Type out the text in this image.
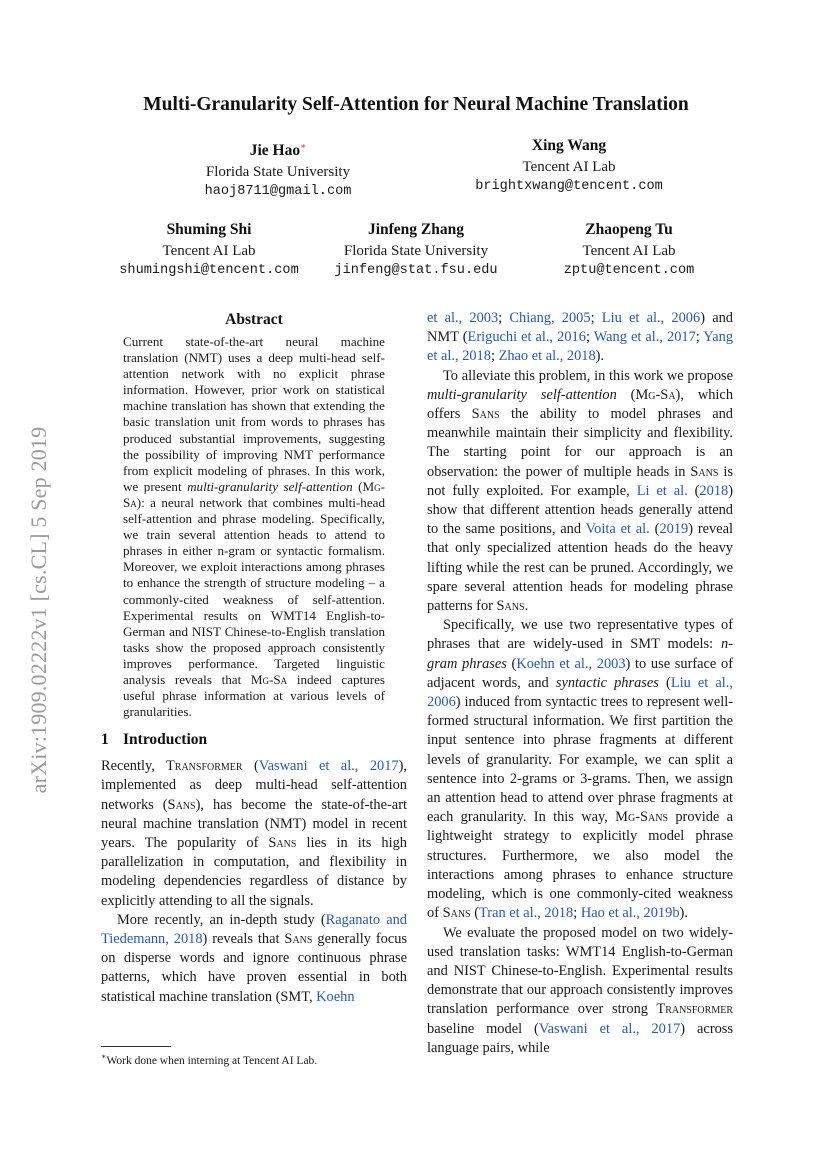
arXiv:1909.02222v1 [cs.CL] 5 Sep 2019
Multi-Granularity Self-Attention for Neural Machine Translation
Jie Hao∗
Florida State University
haoj8711@gmail.com
Xing Wang
Tencent AI Lab
brightxwang@tencent.com
Shuming Shi
Tencent AI Lab
shumingshi@tencent.com
Jinfeng Zhang
Florida State University
jinfeng@stat.fsu.edu
Zhaopeng Tu
Tencent AI Lab
zptu@tencent.com
Abstract
Current state-of-the-art neural machine translation (NMT) uses a deep multi-head self-attention network with no explicit phrase information. However, prior work on statistical machine translation has shown that extending the basic translation unit from words to phrases has produced substantial improvements, suggesting the possibility of improving NMT performance from explicit modeling of phrases. In this work, we present multi-granularity self-attention (Mg-Sa): a neural network that combines multi-head self-attention and phrase modeling. Specifically, we train several attention heads to attend to phrases in either n-gram or syntactic formalism. Moreover, we exploit interactions among phrases to enhance the strength of structure modeling – a commonly-cited weakness of self-attention. Experimental results on WMT14 English-to-German and NIST Chinese-to-English translation tasks show the proposed approach consistently improves performance. Targeted linguistic analysis reveals that Mg-Sa indeed captures useful phrase information at various levels of granularities.
1 Introduction

Recently, Transformer (Vaswani et al., 2017), implemented as deep multi-head self-attention networks (Sans), has become the state-of-the-art neural machine translation (NMT) model in recent years. The popularity of Sans lies in its high parallelization in computation, and flexibility in modeling dependencies regardless of distance by explicitly attending to all the signals.

More recently, an in-depth study (Raganato and Tiedemann, 2018) reveals that Sans generally focus on disperse words and ignore continuous phrase patterns, which have proven essential in both statistical machine translation (SMT, Koehn

∗Work done when interning at Tencent AI Lab.

et al., 2003; Chiang, 2005; Liu et al., 2006) and NMT (Eriguchi et al., 2016; Wang et al., 2017; Yang et al., 2018; Zhao et al., 2018).

To alleviate this problem, in this work we propose multi-granularity self-attention (Mg-Sa), which offers Sans the ability to model phrases and meanwhile maintain their simplicity and flexibility. The starting point for our approach is an observation: the power of multiple heads in Sans is not fully exploited. For example, Li et al. (2018) show that different attention heads generally attend to the same positions, and Voita et al. (2019) reveal that only specialized attention heads do the heavy lifting while the rest can be pruned. Accordingly, we spare several attention heads for modeling phrase patterns for Sans.

Specifically, we use two representative types of phrases that are widely-used in SMT models: n-gram phrases (Koehn et al., 2003) to use surface of adjacent words, and syntactic phrases (Liu et al., 2006) induced from syntactic trees to represent well-formed structural information. We first partition the input sentence into phrase fragments at different levels of granularity. For example, we can split a sentence into 2-grams or 3-grams. Then, we assign an attention head to attend over phrase fragments at each granularity. In this way, Mg-Sans provide a lightweight strategy to explicitly model phrase structures. Furthermore, we also model the interactions among phrases to enhance structure modeling, which is one commonly-cited weakness of Sans (Tran et al., 2018; Hao et al., 2019b).

We evaluate the proposed model on two widely-used translation tasks: WMT14 English-to-German and NIST Chinese-to-English. Experimental results demonstrate that our approach consistently improves translation performance over strong Transformer baseline model (Vaswani et al., 2017) across language pairs, while
